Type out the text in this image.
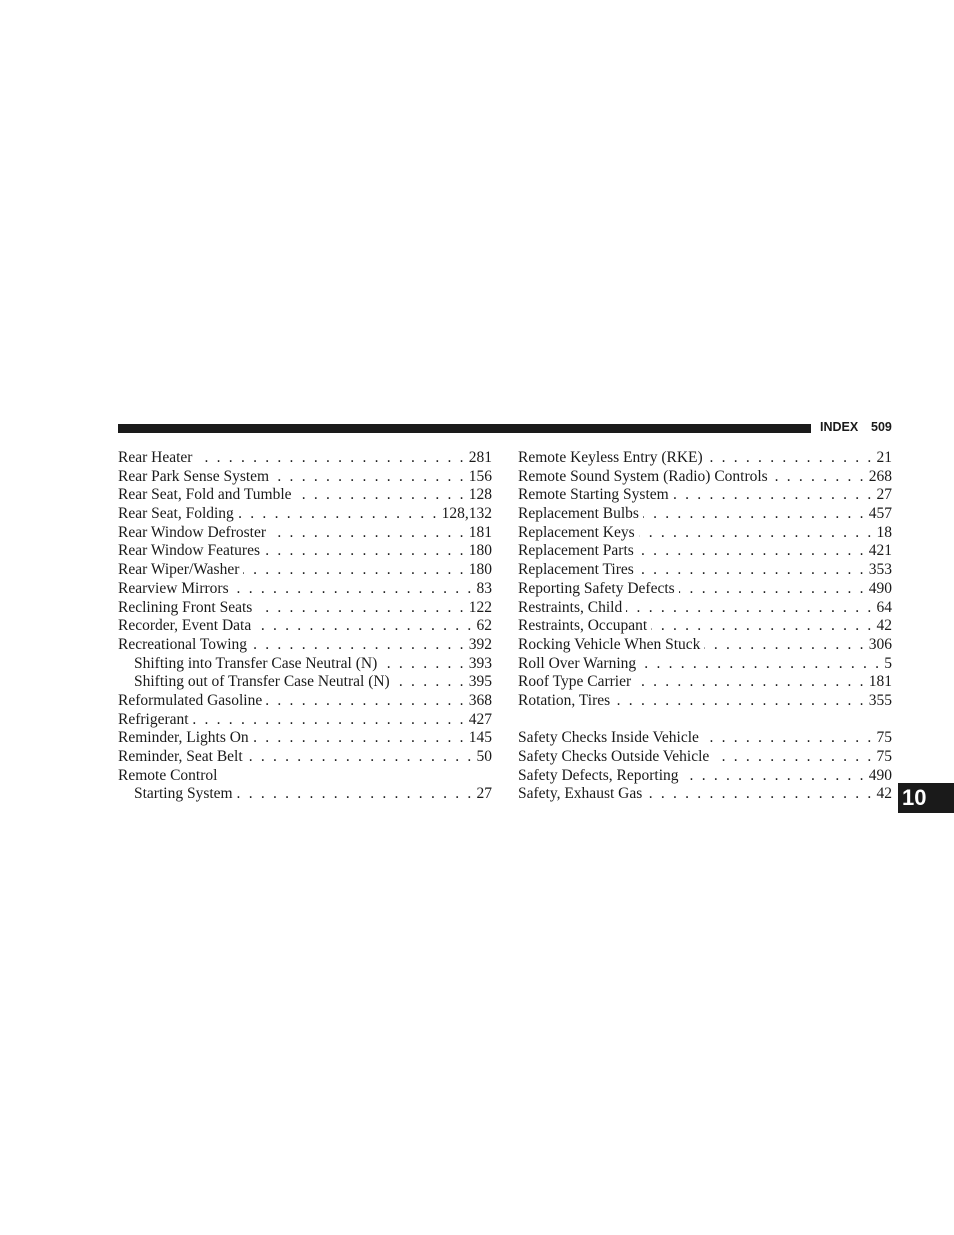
INDEX 509
Rear Heater . . .	281
Rear Park Sense System . . .	156
Rear Seat, Fold and Tumble . . .	128
Rear Seat, Folding . . .	128,132
Rear Window Defroster . . .	181
Rear Window Features . . .	180
Rear Wiper/Washer . . .	180
Rearview Mirrors . . .	83
Reclining Front Seats . . .	122
Recorder, Event Data . . .	62
Recreational Towing . . .	392
Shifting into Transfer Case Neutral (N) . . .	393
Shifting out of Transfer Case Neutral (N) . . .	395
Reformulated Gasoline . . .	368
Refrigerant . . .	427
Reminder, Lights On . . .	145
Reminder, Seat Belt . . .	50
Remote Control
Starting System . . .	27
Remote Keyless Entry (RKE) . . .	21
Remote Sound System (Radio) Controls . . .	268
Remote Starting System . . .	27
Replacement Bulbs . . .	457
Replacement Keys . . .	18
Replacement Parts . . .	421
Replacement Tires . . .	353
Reporting Safety Defects . . .	490
Restraints, Child . . .	64
Restraints, Occupant . . .	42
Rocking Vehicle When Stuck . . .	306
Roll Over Warning . . .	5
Roof Type Carrier . . .	181
Rotation, Tires . . .	355
Safety Checks Inside Vehicle . . .	75
Safety Checks Outside Vehicle . . .	75
Safety Defects, Reporting . . .	490
Safety, Exhaust Gas . . .	42 10
